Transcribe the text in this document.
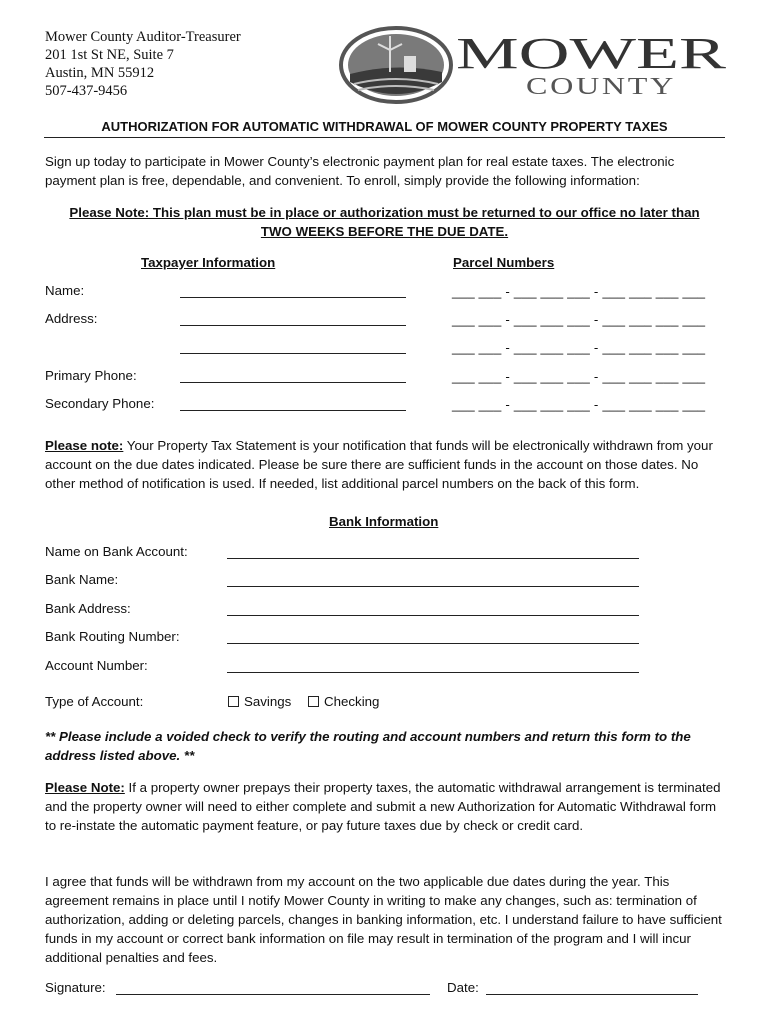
Mower County Auditor-Treasurer
201 1st St NE, Suite 7
Austin, MN 55912
507-437-9456
MOWER
COUNTY
AUTHORIZATION FOR AUTOMATIC WITHDRAWAL OF MOWER COUNTY PROPERTY TAXES

Sign up today to participate in Mower County’s electronic payment plan for real estate taxes. The electronic payment plan is free, dependable, and convenient. To enroll, simply provide the following information:

Please Note: This plan must be in place or authorization must be returned to our office no later than
TWO WEEKS BEFORE THE DUE DATE.
Taxpayer Information	Parcel Numbers
Name:	___ ___ - ___ ___ ___ - ___ ___ ___ ___
Address:	___ ___ - ___ ___ ___ - ___ ___ ___ ___
___ ___ - ___ ___ ___ - ___ ___ ___ ___
Primary Phone:	___ ___ - ___ ___ ___ - ___ ___ ___ ___
Secondary Phone:	___ ___ - ___ ___ ___ - ___ ___ ___ ___

Please note: Your Property Tax Statement is your notification that funds will be electronically withdrawn from your account on the due dates indicated. Please be sure there are sufficient funds in the account on those dates. No other method of notification is used. If needed, list additional parcel numbers on the back of this form.

Bank Information
Name on Bank Account:
Bank Name:
Bank Address:
Bank Routing Number:
Account Number:
Type of Account:	Savings	Checking

** Please include a voided check to verify the routing and account numbers and return this form to the address listed above. **

Please Note: If a property owner prepays their property taxes, the automatic withdrawal arrangement is terminated and the property owner will need to either complete and submit a new Authorization for Automatic Withdrawal form to re-instate the automatic payment feature, or pay future taxes due by check or credit card.

I agree that funds will be withdrawn from my account on the two applicable due dates during the year. This agreement remains in place until I notify Mower County in writing to make any changes, such as: termination of authorization, adding or deleting parcels, changes in banking information, etc. I understand failure to have sufficient funds in my account or correct bank information on file may result in termination of the program and I will incur additional penalties and fees.

Signature:	Date:
